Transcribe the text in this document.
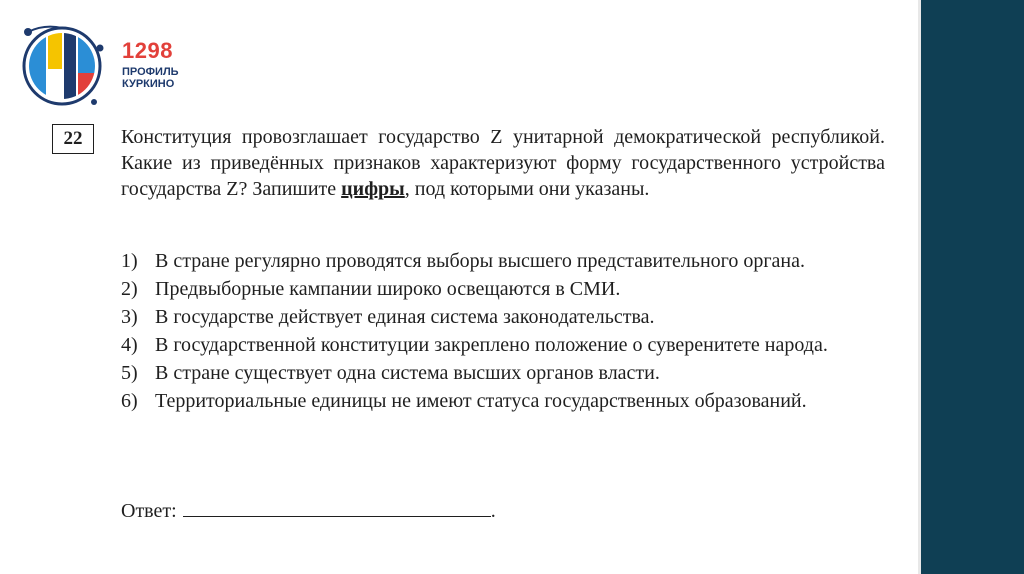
1298
ПРОФИЛЬ
КУРКИНО
22	Конституция провозглашает государство Z унитарной демократической республикой. Какие из приведённых признаков характеризуют форму государственного устройства государства Z? Запишите цифры, под которыми они указаны.

1) В стране регулярно проводятся выборы высшего представительного органа.
2) Предвыборные кампании широко освещаются в СМИ.
3) В государстве действует единая система законодательства.
4) В государственной конституции закреплено положение о суверенитете народа.
5) В стране существует одна система высших органов власти.
6) Территориальные единицы не имеют статуса государственных образований.
Ответ:	.
